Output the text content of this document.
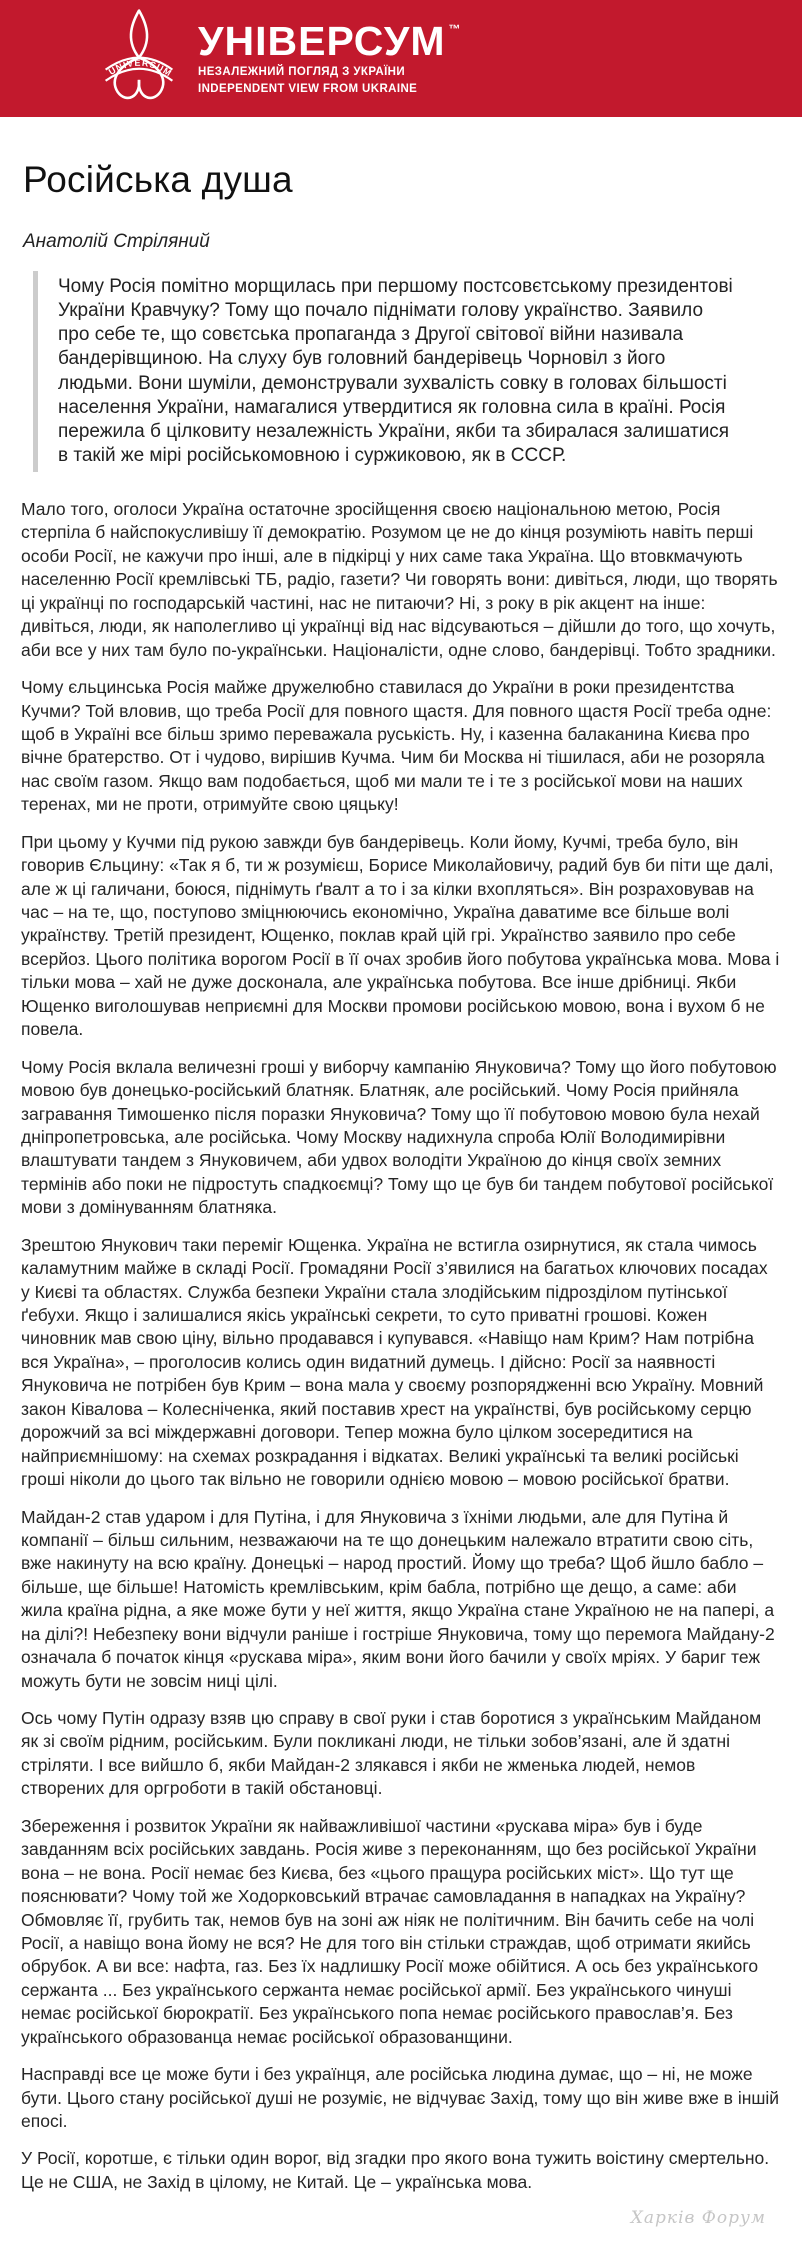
UNIVERSUM
УНІВЕРСУМ ™
НЕЗАЛЕЖНИЙ ПОГЛЯД З УКРАЇНИ
INDEPENDENT VIEW FROM UKRAINE
Російська душа

Анатолій Стріляний

Чому Росія помітно морщилась при першому постсовєтському президентові України Кравчуку? Тому що почало піднімати голову українство. Заявило про себе те, що совєтська пропаганда з Другої світової війни називала бандерівщиною. На слуху був головний бандерівець Чорновіл з його людьми. Вони шуміли, демонстрували зухвалість совку в головах більшості населення України, намагалися утвердитися як головна сила в країні. Росія пережила б цілковиту незалежність України, якби та збиралася залишатися в такій же мірі російськомовною і суржиковою, як в СССР.

Мало того, оголоси Україна остаточне зросійщення своєю національною метою, Росія стерпіла б найспокусливішу її демократію. Розумом це не до кінця розуміють навіть перші особи Росії, не кажучи про інші, але в підкірці у них саме така Україна. Що втовкмачують населенню Росії кремлівські ТБ, радіо, газети? Чи говорять вони: дивіться, люди, що творять ці українці по господарській частині, нас не питаючи? Ні, з року в рік акцент на інше: дивіться, люди, як наполегливо ці українці від нас відсуваються – дійшли до того, що хочуть, аби все у них там було по-українськи. Націоналісти, одне слово, бандерівці. Тобто зрадники.

Чому єльцинська Росія майже дружелюбно ставилася до України в роки президентства Кучми? Той вловив, що треба Росії для повного щастя. Для повного щастя Росії треба одне: щоб в Україні все більш зримо переважала руськість. Ну, і казенна балаканина Києва про вічне братерство. От і чудово, вирішив Кучма. Чим би Москва ні тішилася, аби не розоряла нас своїм газом. Якщо вам подобається, щоб ми мали те і те з російської мови на наших теренах, ми не проти, отримуйте свою цяцьку!

При цьому у Кучми під рукою завжди був бандерівець. Коли йому, Кучмі, треба було, він говорив Єльцину: «Так я б, ти ж розумієш, Борисе Миколайовичу, радий був би піти ще далі, але ж ці галичани, боюся, піднімуть ґвалт а то і за кілки вхопляться». Він розраховував на час – на те, що, поступово зміцнюючись економічно, Україна даватиме все більше волі українству. Третій президент, Ющенко, поклав край цій грі. Українство заявило про себе всерйоз. Цього політика ворогом Росії в її очах зробив його побутова українська мова. Мова і тільки мова – хай не дуже досконала, але українська побутова. Все інше дрібниці. Якби Ющенко виголошував неприємні для Москви промови російською мовою, вона і вухом б не повела.

Чому Росія вклала величезні гроші у виборчу кампанію Януковича? Тому що його побутовою мовою був донецько-російський блатняк. Блатняк, але російський. Чому Росія прийняла загравання Тимошенко після поразки Януковича? Тому що її побутовою мовою була нехай дніпропетровська, але російська. Чому Москву надихнула спроба Юлії Володимирівни влаштувати тандем з Януковичем, аби удвох володіти Україною до кінця своїх земних термінів або поки не підростуть спадкоємці? Тому що це був би тандем побутової російської мови з домінуванням блатняка.

Зрештою Янукович таки переміг Ющенка. Україна не встигла озирнутися, як стала чимось каламутним майже в складі Росії. Громадяни Росії з’явилися на багатьох ключових посадах у Києві та областях. Служба безпеки України стала злодійським підрозділом путінської ґебухи. Якщо і залишалися якісь українські секрети, то суто приватні грошові. Кожен чиновник мав свою ціну, вільно продавався і купувався. «Навіщо нам Крим? Нам потрібна вся Україна», – проголосив колись один видатний думець. І дійсно: Росії за наявності Януковича не потрібен був Крим – вона мала у своєму розпорядженні всю Україну. Мовний закон Ківалова – Колесніченка, який поставив хрест на українстві, був російському серцю дорожчий за всі міждержавні договори. Тепер можна було цілком зосередитися на найприємнішому: на схемах розкрадання і відкатах. Великі українські та великі російські гроші ніколи до цього так вільно не говорили однією мовою – мовою російської братви.

Майдан-2 став ударом і для Путіна, і для Януковича з їхніми людьми, але для Путіна й компанії – більш сильним, незважаючи на те що донецьким належало втратити свою сіть, вже накинуту на всю країну. Донецькі – народ простий. Йому що треба? Щоб йшло бабло – більше, ще більше! Натомість кремлівським, крім бабла, потрібно ще дещо, а саме: аби жила країна рідна, а яке може бути у неї життя, якщо Україна стане Україною не на папері, а на ділі?! Небезпеку вони відчули раніше і гостріше Януковича, тому що перемога Майдану-2 означала б початок кінця «рускава міра», яким вони його бачили у своїх мріях. У бариг теж можуть бути не зовсім ниці цілі.

Ось чому Путін одразу взяв цю справу в свої руки і став боротися з українським Майданом як зі своїм рідним, російським. Були покликані люди, не тільки зобов’язані, але й здатні стріляти. І все вийшло б, якби Майдан-2 злякався і якби не жменька людей, немов створених для оргроботи в такій обстановці.

Збереження і розвиток України як найважливішої частини «рускава міра» був і буде завданням всіх російських завдань. Росія живе з переконанням, що без російської України вона – не вона. Росії немає без Києва, без «цього пращура російських міст». Що тут ще пояснювати? Чому той же Ходорковський втрачає самовладання в нападках на Україну? Обмовляє її, грубить так, немов був на зоні аж ніяк не політичним. Він бачить себе на чолі Росії, а навіщо вона йому не вся? Не для того він стільки страждав, щоб отримати якийсь обрубок. А ви все: нафта, газ. Без їх надлишку Росії може обійтися. А ось без українського сержанта ... Без українського сержанта немає російської армії. Без українського чинуші немає російської бюрократії. Без українського попа немає російського православ’я. Без українського образованца немає російської образованщини.

Насправді все це може бути і без українця, але російська людина думає, що – ні, не може бути. Цього стану російської душі не розуміє, не відчуває Захід, тому що він живе вже в іншій епосі.

У Росії, коротше, є тільки один ворог, від згадки про якого вона тужить воістину смертельно. Це не США, не Захід в цілому, не Китай. Це – українська мова.

Харків Форум
